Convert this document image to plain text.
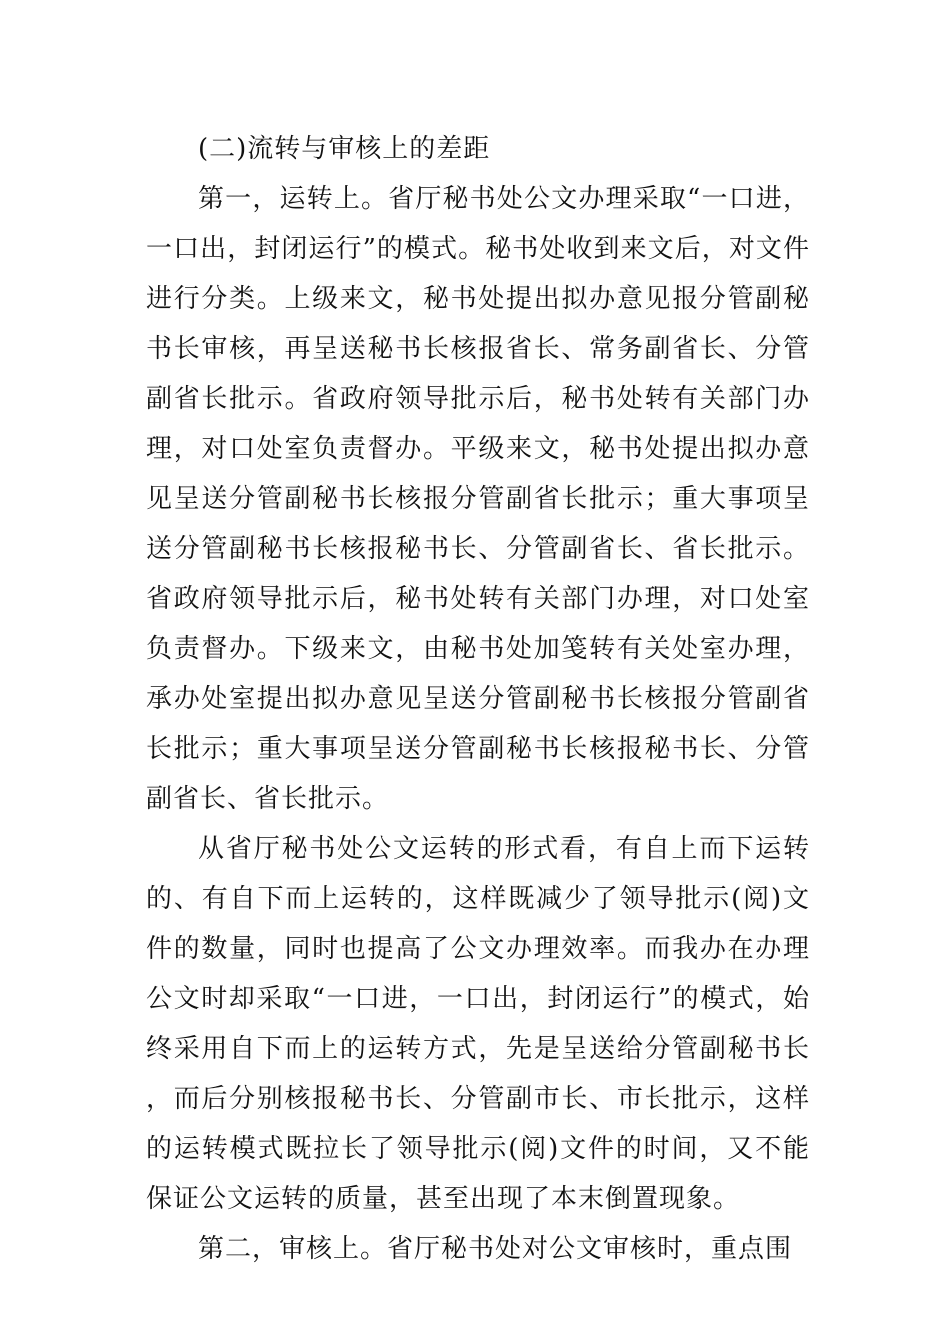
(二)流转与审核上的差距

第一，运转上。省厅秘书处公文办理采取“一口进，一口出，封闭运行”的模式。秘书处收到来文后，对文件进行分类。上级来文，秘书处提出拟办意见报分管副秘书长审核，再呈送秘书长核报省长、常务副省长、分管副省长批示。省政府领导批示后，秘书处转有关部门办理，对口处室负责督办。平级来文，秘书处提出拟办意见呈送分管副秘书长核报分管副省长批示；重大事项呈送分管副秘书长核报秘书长、分管副省长、省长批示。省政府领导批示后，秘书处转有关部门办理，对口处室负责督办。下级来文，由秘书处加笺转有关处室办理，承办处室提出拟办意见呈送分管副秘书长核报分管副省长批示；重大事项呈送分管副秘书长核报秘书长、分管副省长、省长批示。

从省厅秘书处公文运转的形式看，有自上而下运转的、有自下而上运转的，这样既减少了领导批示(阅)文件的数量，同时也提高了公文办理效率。而我办在办理公文时却采取“一口进，一口出，封闭运行”的模式，始终采用自下而上的运转方式，先是呈送给分管副秘书长，而后分别核报秘书长、分管副市长、市长批示，这样的运转模式既拉长了领导批示(阅)文件的时间，又不能保证公文运转的质量，甚至出现了本末倒置现象。

第二，审核上。省厅秘书处对公文审核时，重点围
